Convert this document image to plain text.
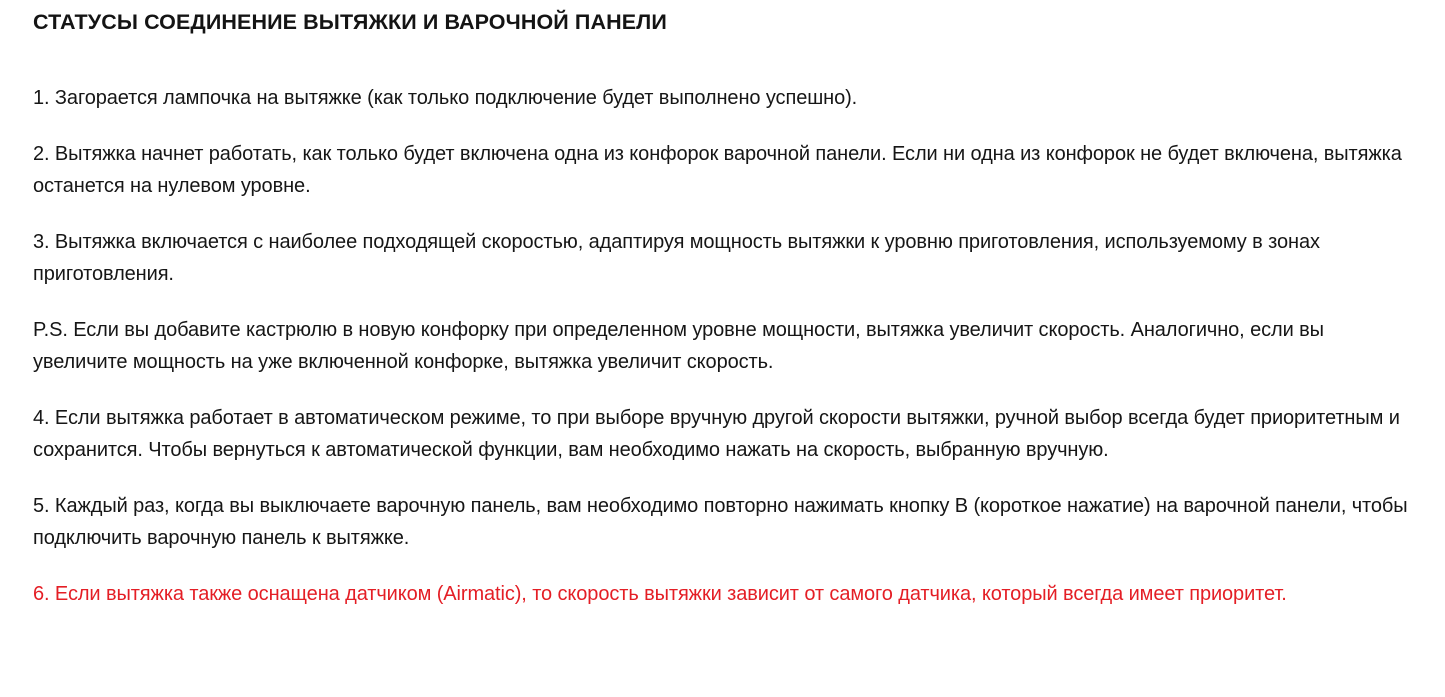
СТАТУСЫ СОЕДИНЕНИЕ ВЫТЯЖКИ И ВАРОЧНОЙ ПАНЕЛИ

1. Загорается лампочка на вытяжке (как только подключение будет выполнено успешно).

2. Вытяжка начнет работать, как только будет включена одна из конфорок варочной панели. Если ни одна из конфорок не будет включена, вытяжка останется на нулевом уровне.

3. Вытяжка включается с наиболее подходящей скоростью, адаптируя мощность вытяжки к уровню приготовления, используемому в зонах приготовления.

P.S. Если вы добавите кастрюлю в новую конфорку при определенном уровне мощности, вытяжка увеличит скорость. Аналогично, если вы увеличите мощность на уже включенной конфорке, вытяжка увеличит скорость.

4. Если вытяжка работает в автоматическом режиме, то при выборе вручную другой скорости вытяжки, ручной выбор всегда будет приоритетным и сохранится. Чтобы вернуться к автоматической функции, вам необходимо нажать на скорость, выбранную вручную.

5. Каждый раз, когда вы выключаете варочную панель, вам необходимо повторно нажимать кнопку B (короткое нажатие) на варочной панели, чтобы подключить варочную панель к вытяжке.

6. Если вытяжка также оснащена датчиком (Airmatic), то скорость вытяжки зависит от самого датчика, который всегда имеет приоритет.
